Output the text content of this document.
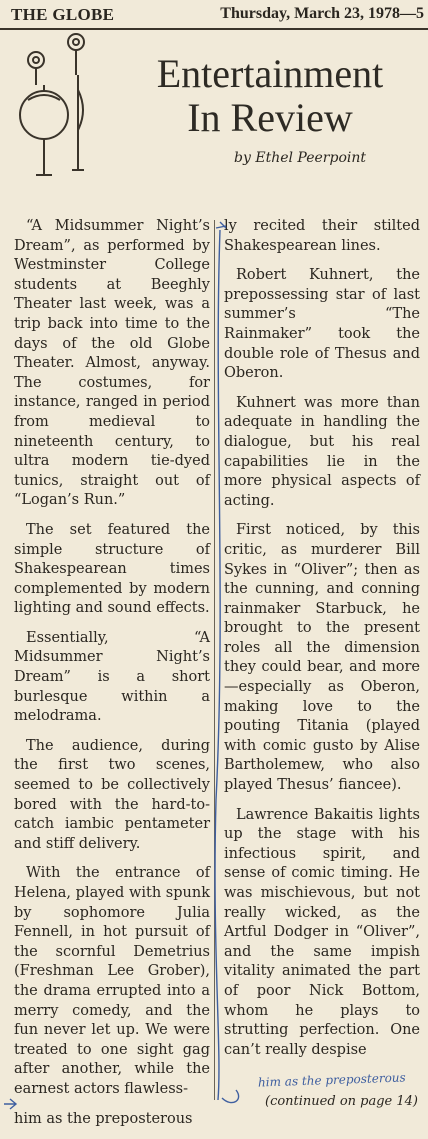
THE GLOBE	Thursday, March 23, 1978—5
Entertainment
In Review
by Ethel Peerpoint

“A Midsummer Night’s Dream”, as performed by Westminster College students at Beeghly Theater last week, was a trip back into time to the days of the old Globe Theater. Almost, anyway. The costumes, for instance, ranged in period from medieval to nineteenth century, to ultra modern tie-dyed tunics, straight out of “Logan’s Run.”

The set featured the simple structure of Shakespearean times complemented by modern lighting and sound effects.

Essentially, “A Midsummer Night’s Dream” is a short burlesque within a melodrama.

The audience, during the first two scenes, seemed to be collectively bored with the hard-to-catch iambic pentameter and stiff delivery.

With the entrance of Helena, played with spunk by sophomore Julia Fennell, in hot pursuit of the scornful Demetrius (Freshman Lee Grober), the drama errupted into a merry comedy, and the fun never let up. We were treated to one sight gag after another, while the earnest actors flawless-

him as the preposterous

ly recited their stilted Shakespearean lines.

Robert Kuhnert, the prepossessing star of last summer’s “The Rainmaker” took the double role of Thesus and Oberon.

Kuhnert was more than adequate in handling the dialogue, but his real capabilities lie in the more physical aspects of acting.

First noticed, by this critic, as murderer Bill Sykes in “Oliver”; then as the cunning, and conning rainmaker Starbuck, he brought to the present roles all the dimension they could bear, and more—especially as Oberon, making love to the pouting Titania (played with comic gusto by Alise Bartholemew, who also played Thesus’ fiancee).

Lawrence Bakaitis lights up the stage with his infectious spirit, and sense of comic timing. He was mischievous, but not really wicked, as the Artful Dodger in “Oliver”, and the same impish vitality animated the part of poor Nick Bottom, whom he plays to strutting perfection. One can’t really despise

him as the preposterous
(continued on page 14)
